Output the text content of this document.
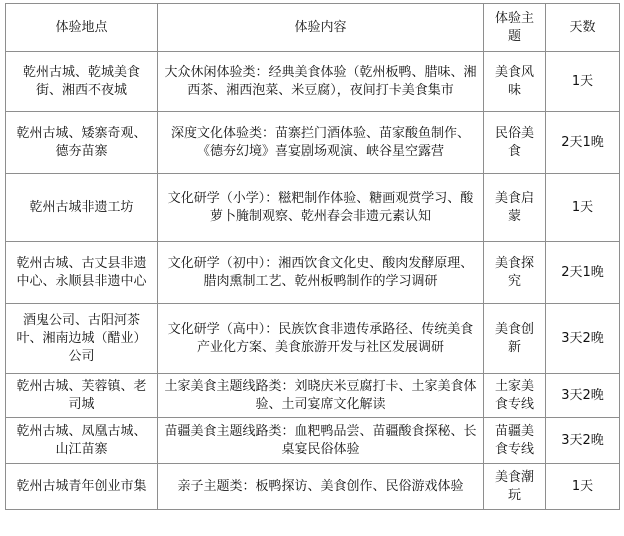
体验地点	体验内容	体验主题	天数
乾州古城、乾城美食街、湘西不夜城	大众休闲体验类：经典美食体验（乾州板鸭、腊味、湘西茶、湘西泡菜、米豆腐），夜间打卡美食集市	美食风味	1天
乾州古城、矮寨奇观、德夯苗寨	深度文化体验类：苗寨拦门酒体验、苗家酸鱼制作、《德夯幻境》喜宴剧场观演、峡谷星空露营	民俗美食	2天1晚
乾州古城非遗工坊	文化研学（小学）：糍粑制作体验、糖画观赏学习、酸萝卜腌制观察、乾州春会非遗元素认知	美食启蒙	1天
乾州古城、古丈县非遗中心、永顺县非遗中心	文化研学（初中）：湘西饮食文化史、酸肉发酵原理、腊肉熏制工艺、乾州板鸭制作的学习调研	美食探究	2天1晚
酒鬼公司、古阳河茶叶、湘南边城（醋业）公司	文化研学（高中）：民族饮食非遗传承路径、传统美食产业化方案、美食旅游开发与社区发展调研	美食创新	3天2晚
乾州古城、芙蓉镇、老司城	土家美食主题线路类：刘晓庆米豆腐打卡、土家美食体验、土司宴席文化解读	土家美食专线	3天2晚
乾州古城、凤凰古城、山江苗寨	苗疆美食主题线路类：血粑鸭品尝、苗疆酸食探秘、长桌宴民俗体验	苗疆美食专线	3天2晚
乾州古城青年创业市集	亲子主题类：板鸭探访、美食创作、民俗游戏体验	美食潮玩	1天
